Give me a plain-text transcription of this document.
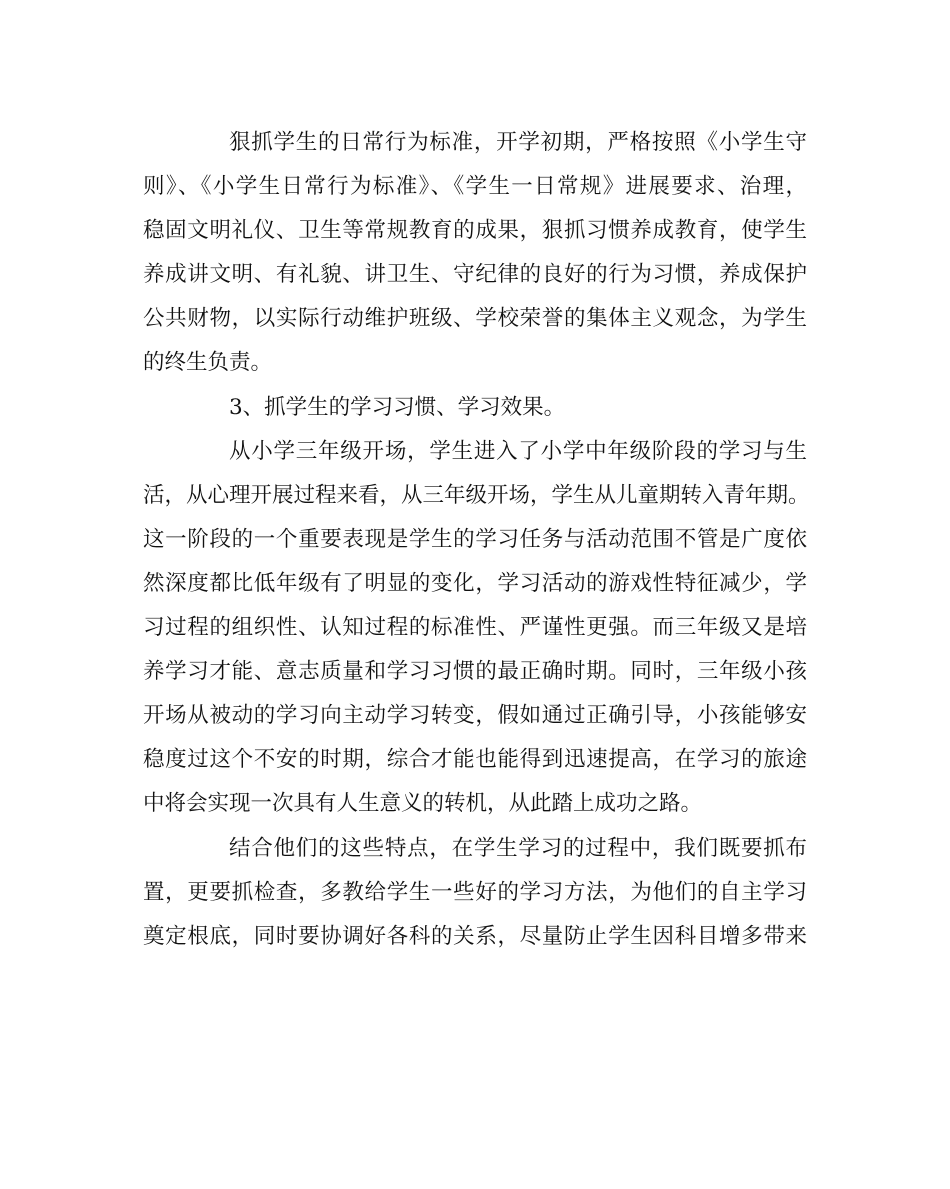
狠抓学生的日常行为标准，开学初期，严格按照《小学生守
则》、《小学生日常行为标准》、《学生一日常规》进展要求、治理，
稳固文明礼仪、卫生等常规教育的成果，狠抓习惯养成教育，使学生
养成讲文明、有礼貌、讲卫生、守纪律的良好的行为习惯，养成保护
公共财物，以实际行动维护班级、学校荣誉的集体主义观念，为学生
的终生负责。
3、抓学生的学习习惯、学习效果。
从小学三年级开场，学生进入了小学中年级阶段的学习与生
活，从心理开展过程来看，从三年级开场，学生从儿童期转入青年期。
这一阶段的一个重要表现是学生的学习任务与活动范围不管是广度依
然深度都比低年级有了明显的变化，学习活动的游戏性特征减少，学
习过程的组织性、认知过程的标准性、严谨性更强。而三年级又是培
养学习才能、意志质量和学习习惯的最正确时期。同时，三年级小孩
开场从被动的学习向主动学习转变，假如通过正确引导，小孩能够安
稳度过这个不安的时期，综合才能也能得到迅速提高，在学习的旅途
中将会实现一次具有人生意义的转机，从此踏上成功之路。
结合他们的这些特点，在学生学习的过程中，我们既要抓布
置，更要抓检查，多教给学生一些好的学习方法，为他们的自主学习
奠定根底，同时要协调好各科的关系，尽量防止学生因科目增多带来
